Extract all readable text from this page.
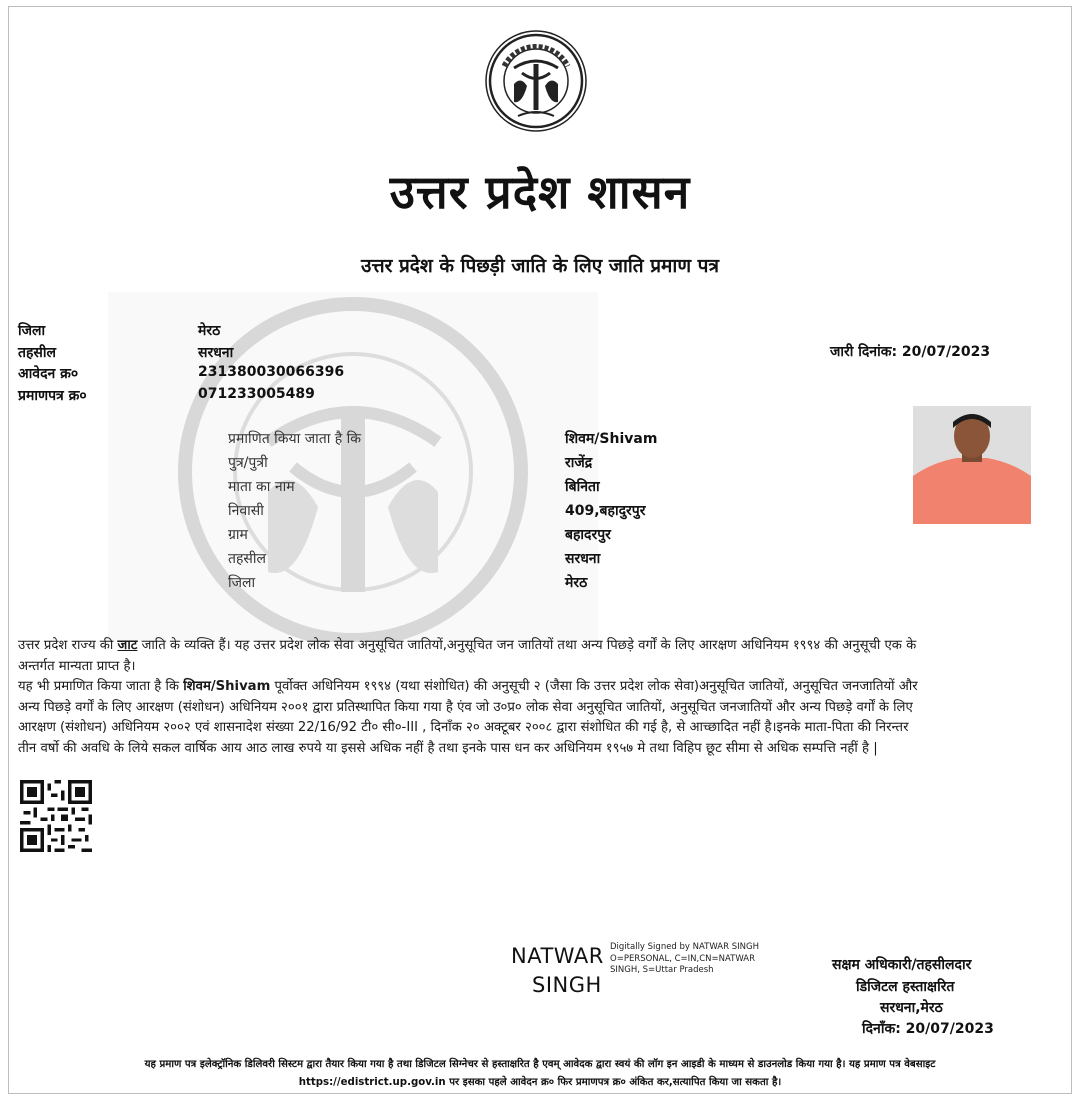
उत्तर प्रदेश शासन
उत्तर प्रदेश के पिछड़ी जाति के लिए जाति प्रमाण पत्र
जिला	मेरठ
तहसील	सरधना
आवेदन क्र०	231380030066396
प्रमाणपत्र क्र०	071233005489
जारी दिनांक: 20/07/2023
प्रमाणित किया जाता है कि	शिवम/Shivam
पुत्र/पुत्री	राजेंद्र
माता का नाम	बिनिता
निवासी	409,बहादुरपुर
ग्राम	बहादरपुर
तहसील	सरधना
जिला	मेरठ
उत्तर प्रदेश राज्य की जाट जाति के व्यक्ति हैं। यह उत्तर प्रदेश लोक सेवा अनुसूचित जातियों,अनुसूचित जन जातियों तथा अन्य पिछड़े वर्गों के लिए आरक्षण अधिनियम १९९४ की अनुसूची एक के
अन्तर्गत मान्यता प्राप्त है।
यह भी प्रमाणित किया जाता है कि शिवम/Shivam पूर्वोक्त अधिनियम १९९४ (यथा संशोधित) की अनुसूची २ (जैसा कि उत्तर प्रदेश लोक सेवा)अनुसूचित जातियों, अनुसूचित जनजातियों और
अन्य पिछड़े वर्गों के लिए आरक्षण (संशोधन) अधिनियम २००१ द्वारा प्रतिस्थापित किया गया है एंव जो उ०प्र० लोक सेवा अनुसूचित जातियों, अनुसूचित जनजातियों और अन्य पिछड़े वर्गों के लिए
आरक्षण (संशोधन) अधिनियम २००२ एवं शासनादेश संख्या 22/16/92 टी० सी०-III , दिनाँक २० अक्टूबर २००८ द्वारा संशोधित की गई है, से आच्छादित नहीं है।इनके माता-पिता की निरन्तर
तीन वर्षो की अवधि के लिये सकल वार्षिक आय आठ लाख रुपये या इससे अधिक नहीं है तथा इनके पास धन कर अधिनियम १९५७ मे तथा विहिप छूट सीमा से अधिक सम्पत्ति नहीं है |
NATWAR
SINGH
Digitally Signed by NATWAR SINGH
O=PERSONAL, C=IN,CN=NATWAR
SINGH, S=Uttar Pradesh	सक्षम अधिकारी/तहसीलदार
डिजिटल हस्ताक्षरित
सरधना,मेरठ
दिनाँक: 20/07/2023
यह प्रमाण पत्र इलेक्ट्रॉनिक डिलिवरी सिस्टम द्वारा तैयार किया गया है तथा डिजिटल सिग्नेचर से हस्ताक्षरित है एवम् आवेदक द्वारा स्वयं की लॉग इन आइडी के माध्यम से डाउनलोड किया गया है। यह प्रमाण पत्र वेबसाइट
https://edistrict.up.gov.in पर इसका पहले आवेदन क्र० फिर प्रमाणपत्र क्र० अंकित कर,सत्यापित किया जा सकता है।
